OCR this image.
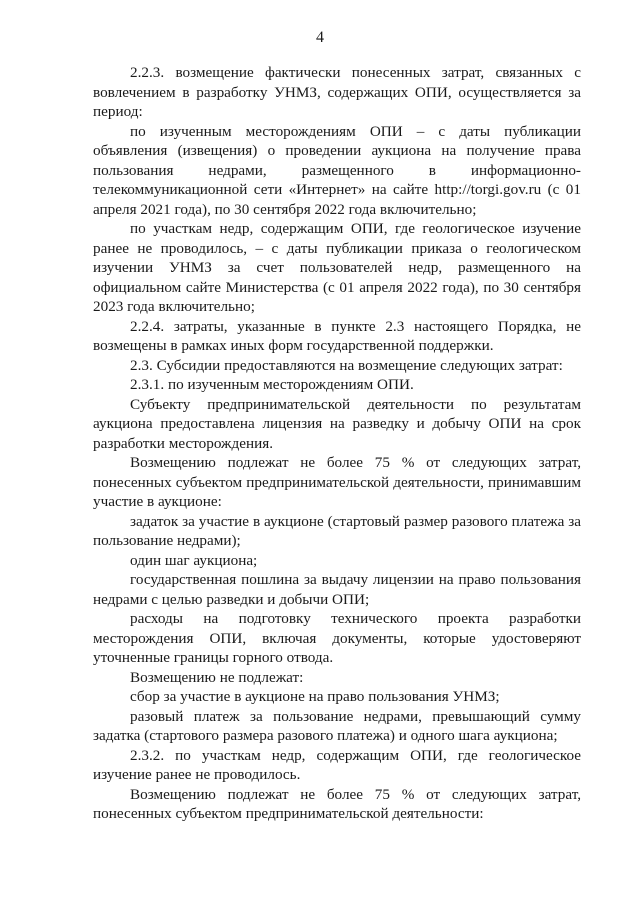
4

2.2.3. возмещение фактически понесенных затрат, связанных с вовлечением в разработку УНМЗ, содержащих ОПИ, осуществляется за период:

по изученным месторождениям ОПИ – с даты публикации объявления (извещения) о проведении аукциона на получение права пользования недрами, размещенного в информационно-телекоммуникационной сети «Интернет» на сайте http://torgi.gov.ru (с 01 апреля 2021 года), по 30 сентября 2022 года включительно;

по участкам недр, содержащим ОПИ, где геологическое изучение ранее не проводилось, – с даты публикации приказа о геологическом изучении УНМЗ за счет пользователей недр, размещенного на официальном сайте Министерства (с 01 апреля 2022 года), по 30 сентября 2023 года включительно;

2.2.4. затраты, указанные в пункте 2.3 настоящего Порядка, не возмещены в рамках иных форм государственной поддержки.

2.3. Субсидии предоставляются на возмещение следующих затрат:

2.3.1. по изученным месторождениям ОПИ.

Субъекту предпринимательской деятельности по результатам аукциона предоставлена лицензия на разведку и добычу ОПИ на срок разработки месторождения.

Возмещению подлежат не более 75 % от следующих затрат, понесенных субъектом предпринимательской деятельности, принимавшим участие в аукционе:

задаток за участие в аукционе (стартовый размер разового платежа за пользование недрами);

один шаг аукциона;

государственная пошлина за выдачу лицензии на право пользования недрами с целью разведки и добычи ОПИ;

расходы на подготовку технического проекта разработки месторождения ОПИ, включая документы, которые удостоверяют уточненные границы горного отвода.

Возмещению не подлежат:

сбор за участие в аукционе на право пользования УНМЗ;

разовый платеж за пользование недрами, превышающий сумму задатка (стартового размера разового платежа) и одного шага аукциона;

2.3.2. по участкам недр, содержащим ОПИ, где геологическое изучение ранее не проводилось.

Возмещению подлежат не более 75 % от следующих затрат, понесенных субъектом предпринимательской деятельности:
